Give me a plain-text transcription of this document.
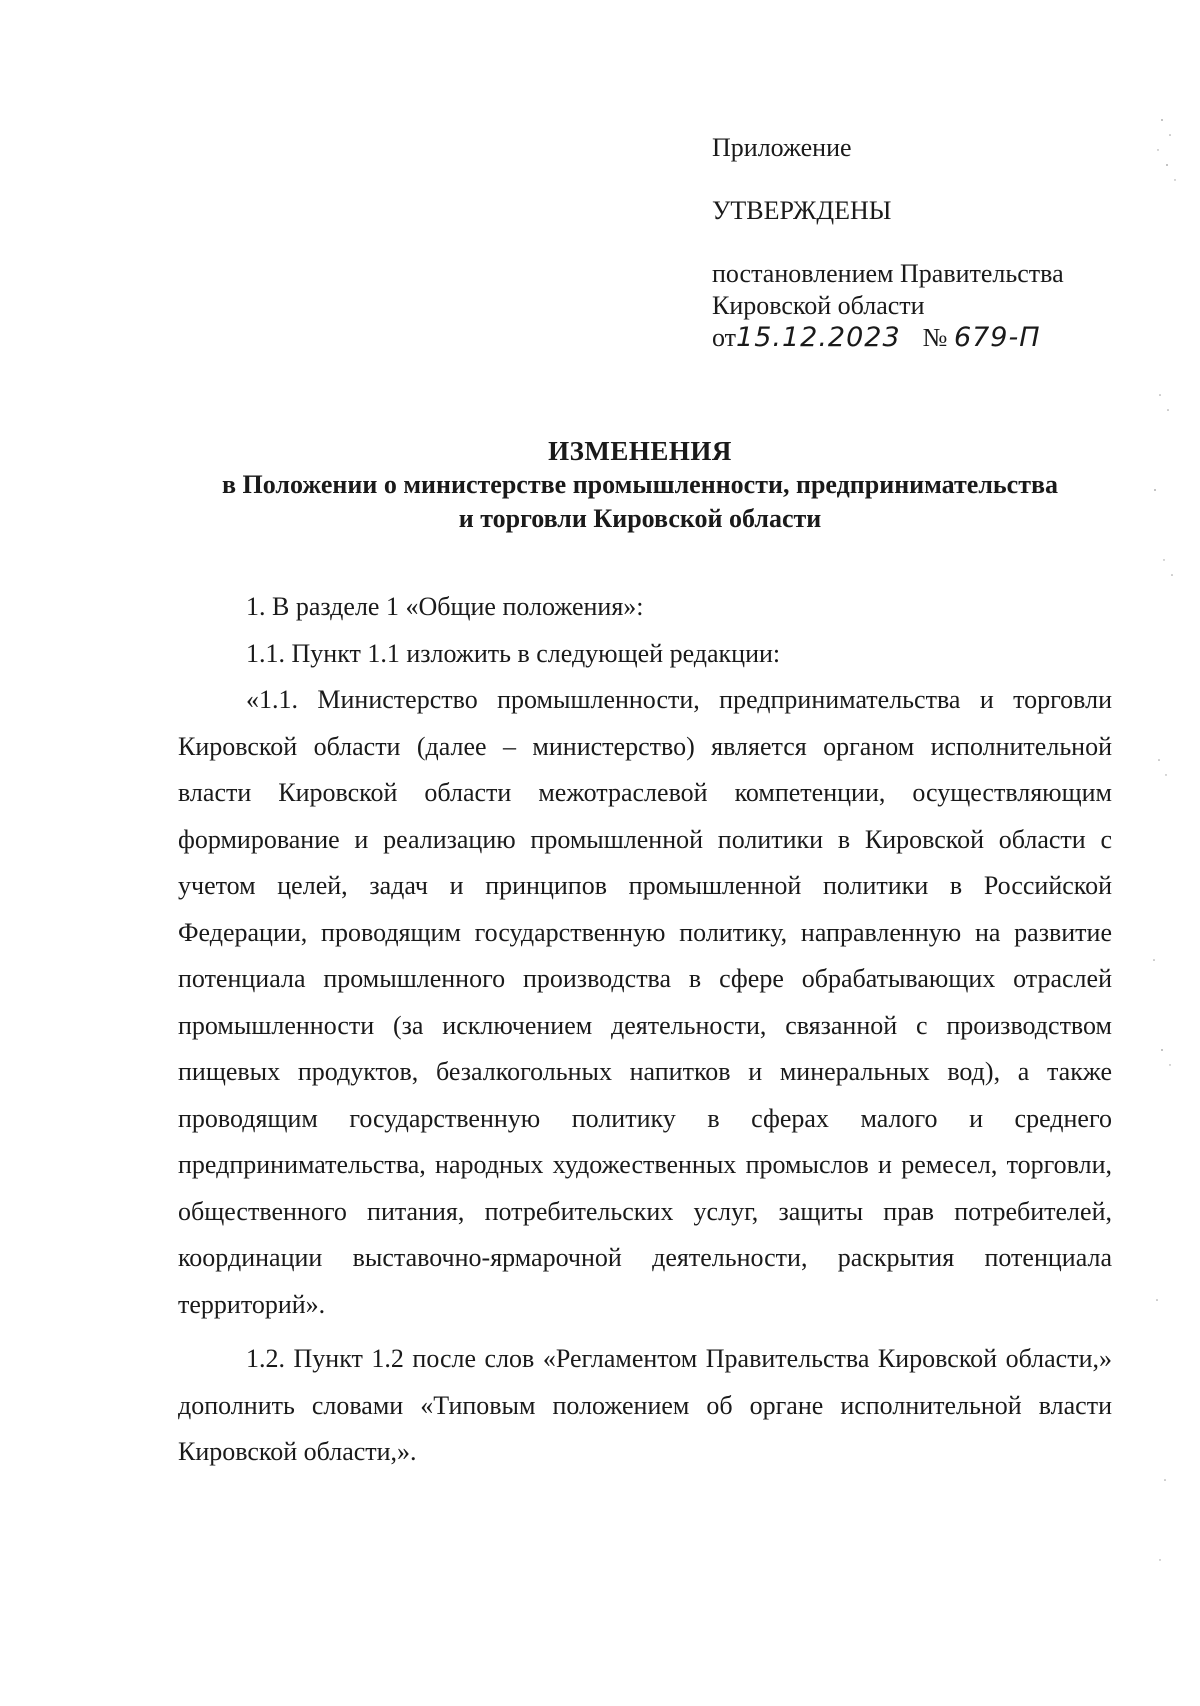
Приложение

УТВЕРЖДЕНЫ

постановлением Правительства

Кировской области

от15.12.2023 № 679-П

ИЗМЕНЕНИЯ
в Положении о министерстве промышленности, предпринимательства
и торговли Кировской области

1. В разделе 1 «Общие положения»:

1.1. Пункт 1.1 изложить в следующей редакции:

«1.1. Министерство промышленности, предпринимательства и торговли Кировской области (далее – министерство) является органом исполнительной власти Кировской области межотраслевой компетенции, осуществляющим формирование и реализацию промышленной политики в Кировской области с учетом целей, задач и принципов промышленной политики в Российской Федерации, проводящим государственную политику, направленную на развитие потенциала промышленного производства в сфере обрабатывающих отраслей промышленности (за исключением деятельности, связанной с производством пищевых продуктов, безалкогольных напитков и минеральных вод), а также проводящим государственную политику в сферах малого и среднего предпринимательства, народных художественных промыслов и ремесел, торговли, общественного питания, потребительских услуг, защиты прав потребителей, координации выставочно-ярмарочной деятельности, раскрытия потенциала территорий».

1.2. Пункт 1.2 после слов «Регламентом Правительства Кировской области,» дополнить словами «Типовым положением об органе исполнительной власти Кировской области,».
